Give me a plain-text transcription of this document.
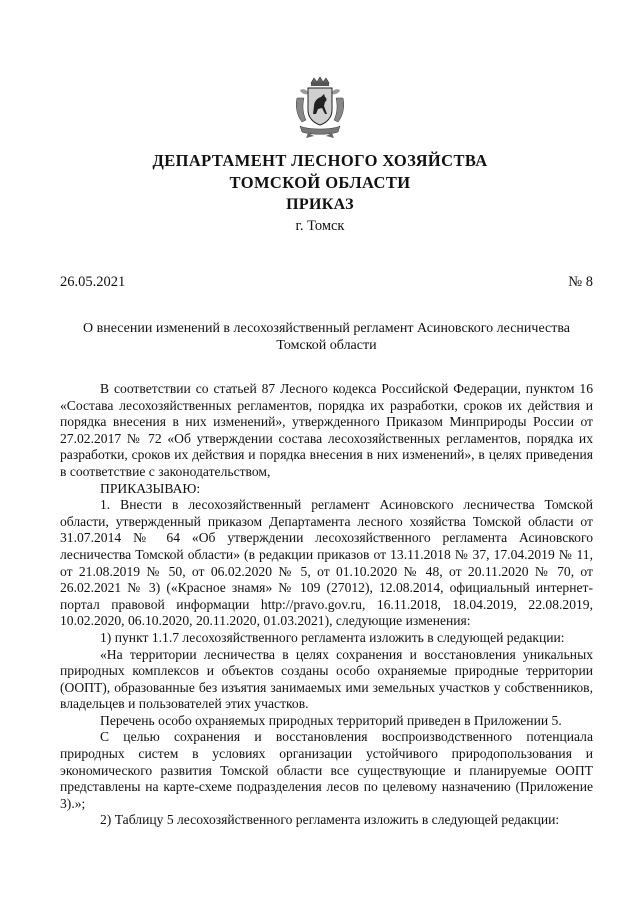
ДЕПАРТАМЕНТ ЛЕСНОГО ХОЗЯЙСТВА
ТОМСКОЙ ОБЛАСТИ
ПРИКАЗ
г. Томск
26.05.2021	№ 8
О внесении изменений в лесохозяйственный регламент Асиновского лесничества
Томской области

В соответствии со статьей 87 Лесного кодекса Российской Федерации, пунктом 16 «Состава лесохозяйственных регламентов, порядка их разработки, сроков их действия и порядка внесения в них изменений», утвержденного Приказом Минприроды России от 27.02.2017 № 72 «Об утверждении состава лесохозяйственных регламентов, порядка их разработки, сроков их действия и порядка внесения в них изменений», в целях приведения в соответствие с законодательством,

ПРИКАЗЫВАЮ:

1. Внести в лесохозяйственный регламент Асиновского лесничества Томской области, утвержденный приказом Департамента лесного хозяйства Томской области от 31.07.2014 № 64 «Об утверждении лесохозяйственного регламента Асиновского лесничества Томской области» (в редакции приказов от 13.11.2018 № 37, 17.04.2019 № 11, от 21.08.2019 № 50, от 06.02.2020 № 5, от 01.10.2020 № 48, от 20.11.2020 № 70, от 26.02.2021 № 3) («Красное знамя» № 109 (27012), 12.08.2014, официальный интернет-портал правовой информации http://pravo.gov.ru, 16.11.2018, 18.04.2019, 22.08.2019, 10.02.2020, 06.10.2020, 20.11.2020, 01.03.2021), следующие изменения:

1) пункт 1.1.7 лесохозяйственного регламента изложить в следующей редакции:

«На территории лесничества в целях сохранения и восстановления уникальных природных комплексов и объектов созданы особо охраняемые природные территории (ООПТ), образованные без изъятия занимаемых ими земельных участков у собственников, владельцев и пользователей этих участков.

Перечень особо охраняемых природных территорий приведен в Приложении 5.

С целью сохранения и восстановления воспроизводственного потенциала природных систем в условиях организации устойчивого природопользования и экономического развития Томской области все существующие и планируемые ООПТ представлены на карте-схеме подразделения лесов по целевому назначению (Приложение 3).»;

2) Таблицу 5 лесохозяйственного регламента изложить в следующей редакции:
